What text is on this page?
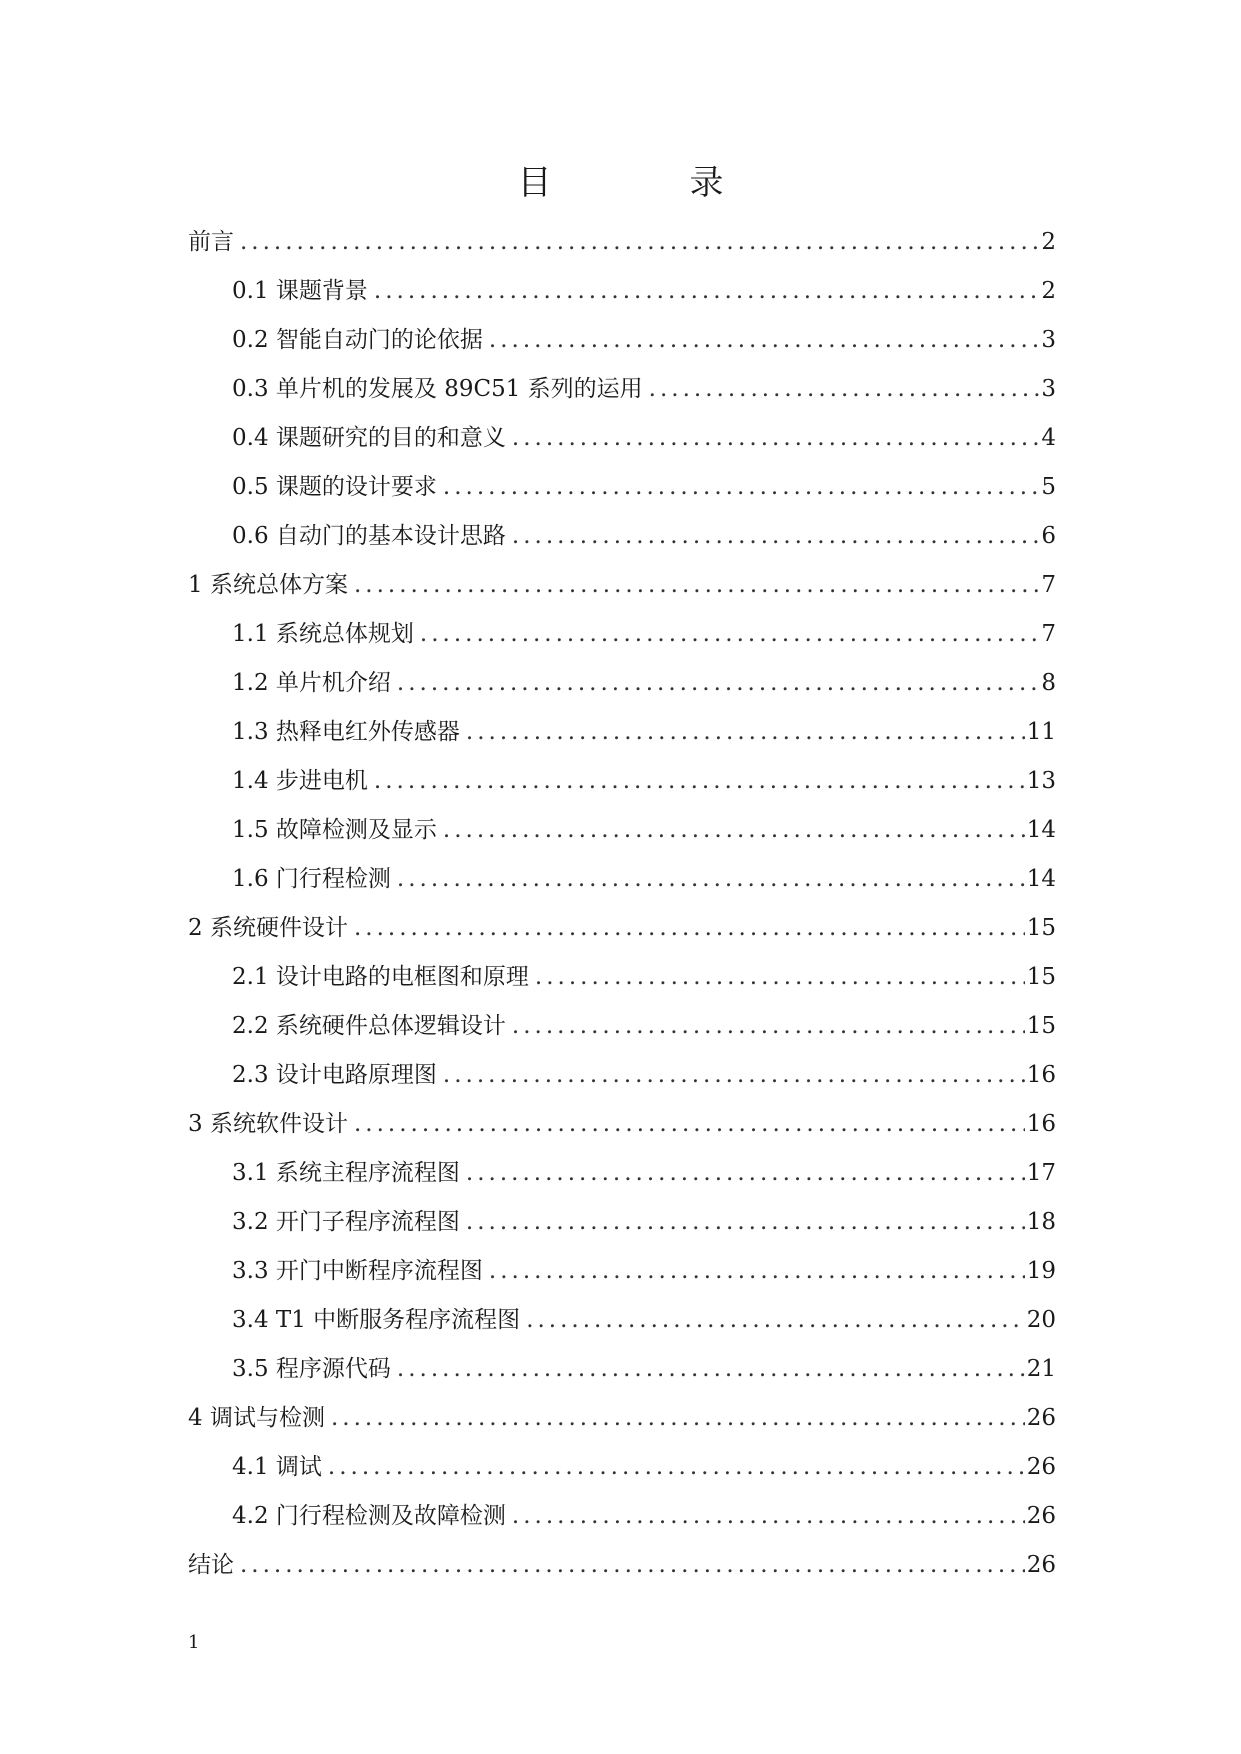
目　录
前言 .....	2
0.1 课题背景 .....	2
0.2 智能自动门的论依据 .....	3
0.3 单片机的发展及 89C51 系列的运用 .....	3
0.4 课题研究的目的和意义 .....	4
0.5 课题的设计要求 .....	5
0.6 自动门的基本设计思路 .....	6
1 系统总体方案 .....	7
1.1 系统总体规划 .....	7
1.2 单片机介绍 .....	8
1.3 热释电红外传感器 .....	11
1.4 步进电机 .....	13
1.5 故障检测及显示 .....	14
1.6 门行程检测 .....	14
2 系统硬件设计 .....	15
2.1 设计电路的电框图和原理 .....	15
2.2 系统硬件总体逻辑设计 .....	15
2.3 设计电路原理图 .....	16
3 系统软件设计 .....	16
3.1 系统主程序流程图 .....	17
3.2 开门子程序流程图 .....	18
3.3 开门中断程序流程图 .....	19
3.4 T1 中断服务程序流程图 .....	20
3.5 程序源代码 .....	21
4 调试与检测 .....	26
4.1 调试 .....	26
4.2 门行程检测及故障检测 .....	26
结论 .....	26
1
